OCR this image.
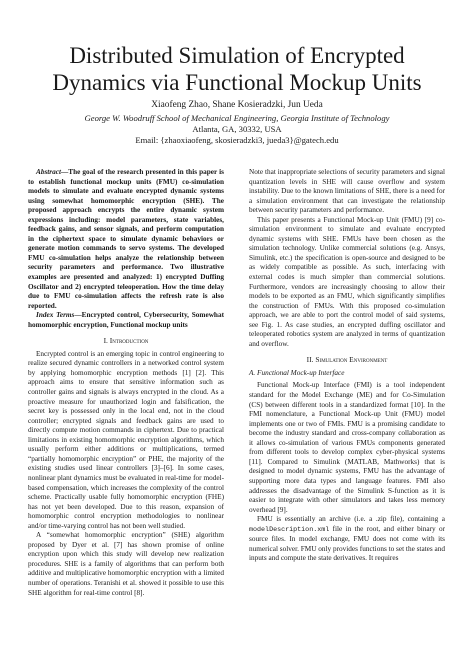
Distributed Simulation of Encrypted Dynamics via Functional Mockup Units
Xiaofeng Zhao, Shane Kosieradzki, Jun Ueda
George W. Woodruff School of Mechanical Engineering, Georgia Institute of Technology
Atlanta, GA, 30332, USA
Email: {zhaoxiaofeng, skosieradzki3, jueda3}@gatech.edu

Abstract—The goal of the research presented in this paper is to establish functional mockup units (FMU) co-simulation models to simulate and evaluate encrypted dynamic systems using somewhat homomorphic encryption (SHE). The proposed approach encrypts the entire dynamic system expressions including: model parameters, state variables, feedback gains, and sensor signals, and perform computation in the ciphertext space to simulate dynamic behaviors or generate motion commands to servo systems. The developed FMU co-simulation helps analyze the relationship between security parameters and performance. Two illustrative examples are presented and analyzed: 1) encrypted Duffing Oscillator and 2) encrypted teleoperation. How the time delay due to FMU co-simulation affects the refresh rate is also reported.

Index Terms—Encrypted control, Cybersecurity, Somewhat homomorphic encryption, Functional mockup units

I. Introduction

Encrypted control is an emerging topic in control engineering to realize secured dynamic controllers in a networked control system by applying homomorphic encryption methods [1] [2]. This approach aims to ensure that sensitive information such as controller gains and signals is always encrypted in the cloud. As a proactive measure for unauthorized login and falsification, the secret key is possessed only in the local end, not in the cloud controller; encrypted signals and feedback gains are used to directly compute motion commands in ciphertext. Due to practical limitations in existing homomorphic encryption algorithms, which usually perform either additions or multiplications, termed “partially homomorphic encryption” or PHE, the majority of the existing studies used linear controllers [3]–[6]. In some cases, nonlinear plant dynamics must be evaluated in real-time for model-based compensation, which increases the complexity of the control scheme. Practically usable fully homomorphic encryption (FHE) has not yet been developed. Due to this reason, expansion of homomorphic control encryption methodologies to nonlinear and/or time-varying control has not been well studied.

A “somewhat homomorphic encryption” (SHE) algorithm proposed by Dyer et al. [7] has shown promise of online encryption upon which this study will develop new realization procedures. SHE is a family of algorithms that can perform both additive and multiplicative homomorphic encryption with a limited number of operations. Teranishi et al. showed it possible to use this SHE algorithm for real-time control [8].

Note that inappropriate selections of security parameters and signal quantization levels in SHE will cause overflow and system instability. Due to the known limitations of SHE, there is a need for a simulation environment that can investigate the relationship between security parameters and performance.

This paper presents a Functional Mock-up Unit (FMU) [9] co-simulation environment to simulate and evaluate encrypted dynamic systems with SHE. FMUs have been chosen as the simulation technology. Unlike commercial solutions (e.g. Ansys, Simulink, etc.) the specification is open-source and designed to be as widely compatible as possible. As such, interfacing with external codes is much simpler than commercial solutions. Furthermore, vendors are increasingly choosing to allow their models to be exported as an FMU, which significantly simplifies the construction of FMUs. With this proposed co-simulation approach, we are able to port the control model of said systems, see Fig. 1. As case studies, an encrypted duffing oscillator and teleoperated robotics system are analyzed in terms of quantization and overflow.

II. Simulation Environment
A. Functional Mock-up Interface

Functional Mock-up Interface (FMI) is a tool independent standard for the Model Exchange (ME) and for Co-Simulation (CS) between different tools in a standardized format [10]. In the FMI nomenclature, a Functional Mock-up Unit (FMU) model implements one or two of FMIs. FMU is a promising candidate to become the industry standard and cross-company collaboration as it allows co-simulation of various FMUs components generated from different tools to develop complex cyber-physical systems [11]. Compared to Simulink (MATLAB, Mathworks) that is designed to model dynamic systems, FMU has the advantage of supporting more data types and language features. FMI also addresses the disadvantage of the Simulink S-function as it is easier to integrate with other simulators and takes less memory overhead [9].

FMU is essentially an archive (i.e. a .zip file), containing a modelDescription.xml file in the root, and either binary or source files. In model exchange, FMU does not come with its numerical solver. FMU only provides functions to set the states and inputs and compute the state derivatives. It requires
